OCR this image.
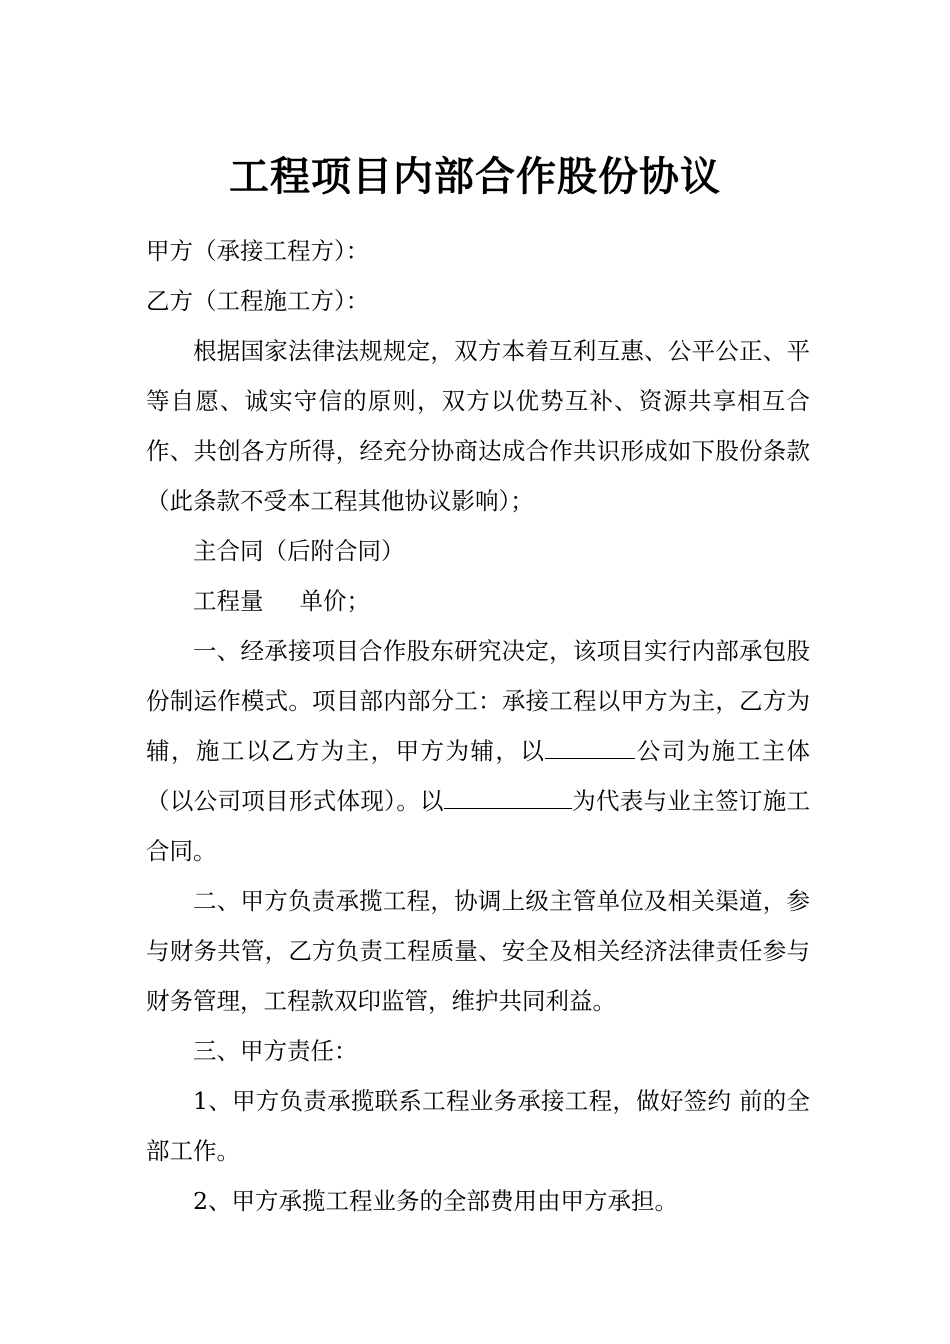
工程项目内部合作股份协议

甲方（承接工程方）：

乙方（工程施工方）：

根据国家法律法规规定，双方本着互利互惠、公平公正、平等自愿、诚实守信的原则，双方以优势互补、资源共享相互合作、共创各方所得，经充分协商达成合作共识形成如下股份条款（此条款不受本工程其他协议影响）；

主合同（后附合同）

工程量 单价；

一、经承接项目合作股东研究决定，该项目实行内部承包股份制运作模式。项目部内部分工：承接工程以甲方为主，乙方为辅，施工以乙方为主，甲方为辅，以	公司为施工主体（以公司项目形式体现）。以	为代表与业主签订施工合同。

二、甲方负责承揽工程，协调上级主管单位及相关渠道，参与财务共管，乙方负责工程质量、安全及相关经济法律责任参与财务管理，工程款双印监管，维护共同利益。

三、甲方责任：

1、甲方负责承揽联系工程业务承接工程，做好签约 前的全部工作。

2、甲方承揽工程业务的全部费用由甲方承担。
